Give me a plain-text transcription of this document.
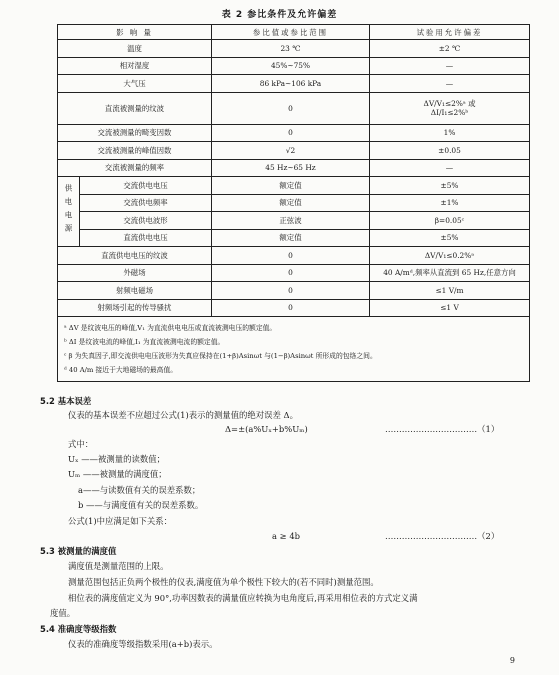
表 2 参比条件及允许偏差
影 响 量		参比值或参比范围	试验用允许偏差
温度		23 ℃	±2 ℃
相对湿度		45%~75%	—
大气压		86 kPa~106 kPa	—
直流被测量的纹波		0	ΔV/V₁≤2%ᵃ 或
ΔI/I₁≤2%ᵇ
交流被测量的畸变因数		0	1%
交流被测量的峰值因数		√2	±0.05
交流被测量的频率		45 Hz~65 Hz	—
供电电源	交流供电电压	额定值	±5%
	交流供电频率	额定值	±1%
	交流供电波形	正弦波	β=0.05ᶜ
	直流供电电压	额定值	±5%
直流供电电压的纹波		0	ΔV/V₁≤0.2%ᵃ
外磁场		0	40 A/mᵈ,频率从直流到 65 Hz,任意方向
射频电磁场		0	≤1 V/m
射频场引起的传导骚扰		0	≤1 V

ᵃ ΔV 是纹波电压的峰值,V₁ 为直流供电电压或直流被测电压的额定值。
ᵇ ΔI 是纹波电流的峰值,I₁ 为直流被测电流的额定值。
ᶜ β 为失真因子,即交流供电电压波形为失真应保持在(1+β)Asinωt 与(1−β)Asinωt 所形成的包络之间。
ᵈ 40 A/m 接近于大地磁场的最高值。			
5.2 基本误差
仪表的基本误差不应超过公式(1)表示的测量值的绝对误差 Δ。
Δ=±(a%Uₓ+b%Uₘ)	……………………………（1）
式中：
Uₓ ——被测量的读数值；
Uₘ ——被测量的满度值；
a——与读数值有关的误差系数；
b ——与满度值有关的误差系数。
公式(1)中应满足如下关系：
a ≥ 4b	……………………………（2）
5.3 被测量的满度值
满度值是测量范围的上限。
测量范围包括正负两个极性的仪表,满度值为单个极性下较大的(若不同时)测量范围。
相位表的满度值定义为 90°,功率因数表的满量值应转换为电角度后,再采用相位表的方式定义满
度值。
5.4 准确度等级指数
仪表的准确度等级指数采用(a+b)表示。
9
